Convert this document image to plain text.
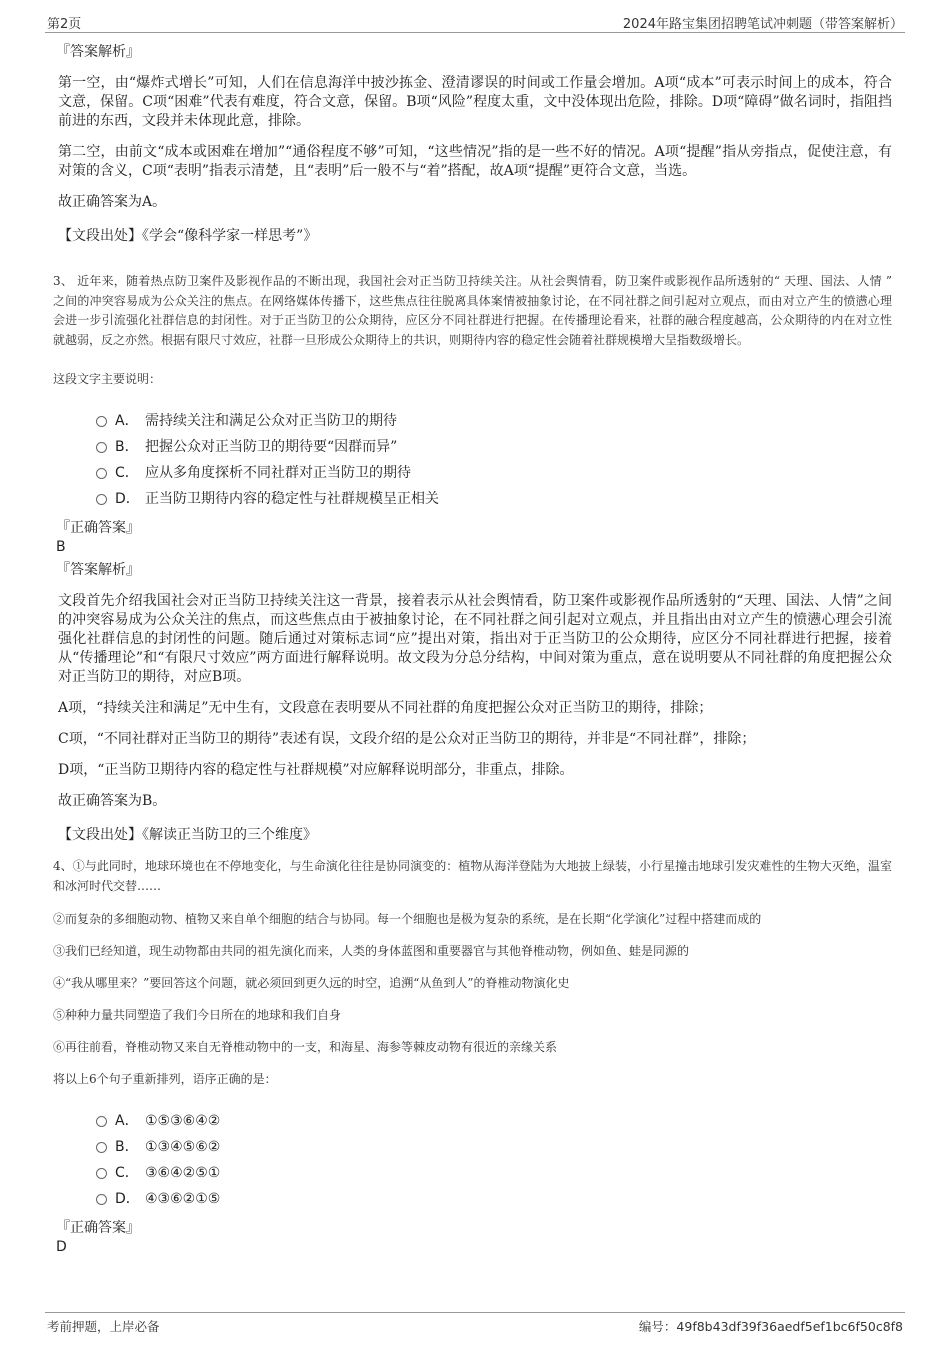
第2页	2024年路宝集团招聘笔试冲刺题（带答案解析）

『答案解析』

第一空，由“爆炸式增长”可知，人们在信息海洋中披沙拣金、澄清谬误的时间或工作量会增加。A项“成本”可表示时间上的成本，符合文意，保留。C项“困难”代表有难度，符合文意，保留。B项“风险”程度太重，文中没体现出危险，排除。D项“障碍”做名词时，指阻挡前进的东西，文段并未体现此意，排除。

第二空，由前文“成本或困难在增加”“通俗程度不够”可知，“这些情况”指的是一些不好的情况。A项“提醒”指从旁指点，促使注意，有对策的含义，C项“表明”指表示清楚，且“表明”后一般不与“着”搭配，故A项“提醒”更符合文意，当选。

故正确答案为A。

【文段出处】《学会“像科学家一样思考”》

3、 近年来，随着热点防卫案件及影视作品的不断出现，我国社会对正当防卫持续关注。从社会舆情看，防卫案件或影视作品所透射的“ 天理、国法、人情 ” 之间的冲突容易成为公众关注的焦点。在网络媒体传播下，这些焦点往往脱离具体案情被抽象讨论，在不同社群之间引起对立观点，而由对立产生的愤懑心理会进一步引流强化社群信息的封闭性。对于正当防卫的公众期待，应区分不同社群进行把握。在传播理论看来，社群的融合程度越高，公众期待的内在对立性就越弱，反之亦然。根据有限尺寸效应，社群一旦形成公众期待上的共识，则期待内容的稳定性会随着社群规模增大呈指数级增长。

这段文字主要说明：

A． 需持续关注和满足公众对正当防卫的期待
B． 把握公众对正当防卫的期待要“因群而异”
C． 应从多角度探析不同社群对正当防卫的期待
D． 正当防卫期待内容的稳定性与社群规模呈正相关

『正确答案』

B

『答案解析』

文段首先介绍我国社会对正当防卫持续关注这一背景，接着表示从社会舆情看，防卫案件或影视作品所透射的“天理、国法、人情”之间的冲突容易成为公众关注的焦点，而这些焦点由于被抽象讨论，在不同社群之间引起对立观点，并且指出由对立产生的愤懑心理会引流强化社群信息的封闭性的问题。随后通过对策标志词“应”提出对策，指出对于正当防卫的公众期待，应区分不同社群进行把握，接着从“传播理论”和“有限尺寸效应”两方面进行解释说明。故文段为分总分结构，中间对策为重点，意在说明要从不同社群的角度把握公众对正当防卫的期待，对应B项。

A项，“持续关注和满足”无中生有，文段意在表明要从不同社群的角度把握公众对正当防卫的期待，排除；

C项，“不同社群对正当防卫的期待”表述有误，文段介绍的是公众对正当防卫的期待，并非是“不同社群”，排除；

D项，“正当防卫期待内容的稳定性与社群规模”对应解释说明部分，非重点，排除。

故正确答案为B。

【文段出处】《解读正当防卫的三个维度》

4、①与此同时，地球环境也在不停地变化，与生命演化往往是协同演变的：植物从海洋登陆为大地披上绿装，小行星撞击地球引发灾难性的生物大灭绝，温室和冰河时代交替……

②而复杂的多细胞动物、植物又来自单个细胞的结合与协同。每一个细胞也是极为复杂的系统，是在长期“化学演化”过程中搭建而成的

③我们已经知道，现生动物都由共同的祖先演化而来，人类的身体蓝图和重要器官与其他脊椎动物，例如鱼、蛙是同源的

④“我从哪里来？”要回答这个问题，就必须回到更久远的时空，追溯“从鱼到人”的脊椎动物演化史

⑤种种力量共同塑造了我们今日所在的地球和我们自身

⑥再往前看，脊椎动物又来自无脊椎动物中的一支，和海星、海参等棘皮动物有很近的亲缘关系

将以上6个句子重新排列，语序正确的是：

A． ①⑤③⑥④②
B． ①③④⑤⑥②
C． ③⑥④②⑤①
D． ④③⑥②①⑤

『正确答案』

D

考前押题，上岸必备	编号：49f8b43df39f36aedf5ef1bc6f50c8f8
